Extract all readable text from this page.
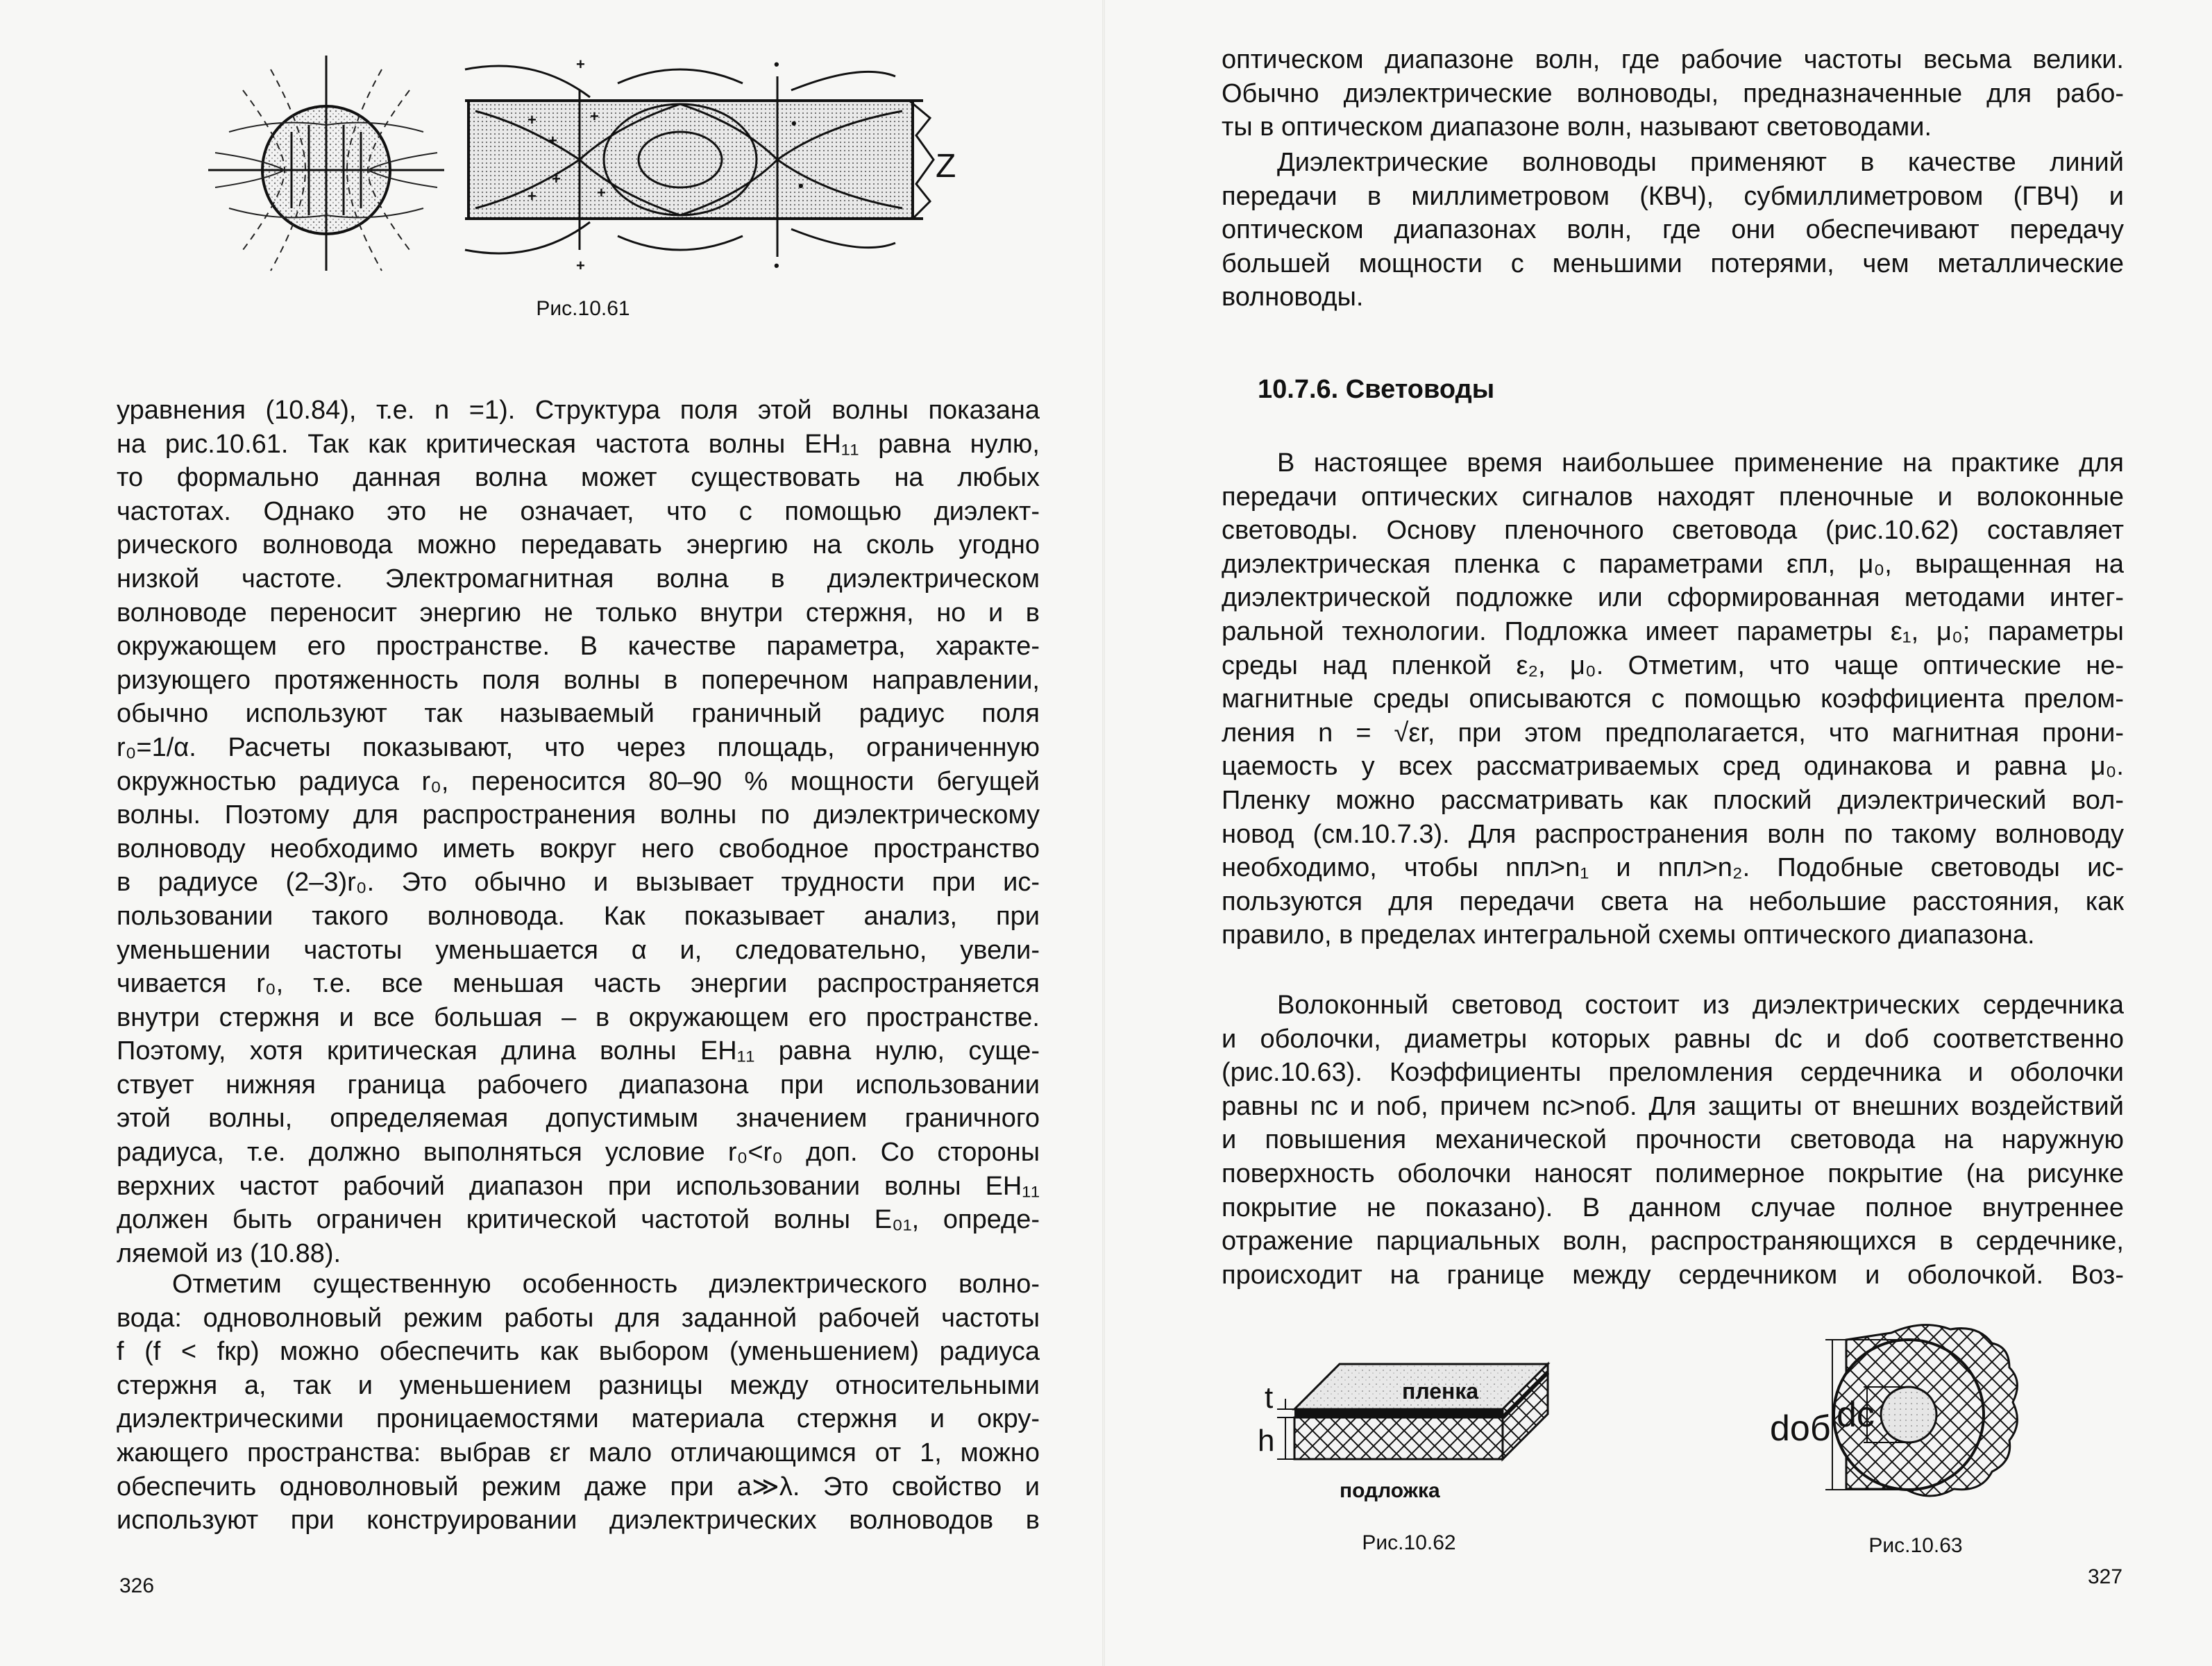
+
+
+
+
+
+
•
•
+
+
•
•
Z
Рис.10.61
уравнения (10.84), т.е. n =1). Структура поля этой волны показана
на рис.10.61. Так как критическая частота волны EH₁₁ равна нулю,
то формально данная волна может существовать на любых
частотах. Однако это не означает, что с помощью диэлект-
рического волновода можно передавать энергию на сколь угодно
низкой частоте. Электромагнитная волна в диэлектрическом
волноводе переносит энергию не только внутри стержня, но и в
окружающем его пространстве. В качестве параметра, характе-
ризующего протяженность поля волны в поперечном направлении,
обычно используют так называемый граничный радиус поля
r₀=1/α. Расчеты показывают, что через площадь, ограниченную
окружностью радиуса r₀, переносится 80–90 % мощности бегущей
волны. Поэтому для распространения волны по диэлектрическому
волноводу необходимо иметь вокруг него свободное пространство
в радиусе (2–3)r₀. Это обычно и вызывает трудности при ис-
пользовании такого волновода. Как показывает анализ, при
уменьшении частоты уменьшается α и, следовательно, увели-
чивается r₀, т.е. все меньшая часть энергии распространяется
внутри стержня и все большая – в окружающем его пространстве.
Поэтому, хотя критическая длина волны EH₁₁ равна нулю, суще-
ствует нижняя граница рабочего диапазона при использовании
этой волны, определяемая допустимым значением граничного
радиуса, т.е. должно выполняться условие r₀<r₀ доп. Со стороны
верхних частот рабочий диапазон при использовании волны EH₁₁
должен быть ограничен критической частотой волны E₀₁, опреде-
ляемой из (10.88).
Отметим существенную особенность диэлектрического волно-
вода: одноволновый режим работы для заданной рабочей частоты
f (f < fкр) можно обеспечить как выбором (уменьшением) радиуса
стержня a, так и уменьшением разницы между относительными
диэлектрическими проницаемостями материала стержня и окру-
жающего пространства: выбрав εr мало отличающимся от 1, можно
обеспечить одноволновый режим даже при a≫λ. Это свойство и
используют при конструировании диэлектрических волноводов в
326
оптическом диапазоне волн, где рабочие частоты весьма велики.
Обычно диэлектрические волноводы, предназначенные для рабо-
ты в оптическом диапазоне волн, называют световодами.
Диэлектрические волноводы применяют в качестве линий
передачи в миллиметровом (КВЧ), субмиллиметровом (ГВЧ) и
оптическом диапазонах волн, где они обеспечивают передачу
большей мощности с меньшими потерями, чем металлические
волноводы.
10.7.6. Световоды
В настоящее время наибольшее применение на практике для
передачи оптических сигналов находят пленочные и волоконные
световоды. Основу пленочного световода (рис.10.62) составляет
диэлектрическая пленка с параметрами εпл, μ₀, выращенная на
диэлектрической подложке или сформированная методами интег-
ральной технологии. Подложка имеет параметры ε₁, μ₀; параметры
среды над пленкой ε₂, μ₀. Отметим, что чаще оптические не-
магнитные среды описываются с помощью коэффициента прелом-
ления n = √εr, при этом предполагается, что магнитная прони-
цаемость у всех рассматриваемых сред одинакова и равна μ₀.
Пленку можно рассматривать как плоский диэлектрический вол-
новод (см.10.7.3). Для распространения волн по такому волноводу
необходимо, чтобы nпл>n₁ и nпл>n₂. Подобные световоды ис-
пользуются для передачи света на небольшие расстояния, как
правило, в пределах интегральной схемы оптического диапазона.
Волоконный световод состоит из диэлектрических сердечника
и оболочки, диаметры которых равны dc и dоб соответственно
(рис.10.63). Коэффициенты преломления сердечника и оболочки
равны nc и nоб, причем nc>nоб. Для защиты от внешних воздействий
и повышения механической прочности световода на наружную
поверхность оболочки наносят полимерное покрытие (на рисунке
покрытие не показано). В данном случае полное внутреннее
отражение парциальных волн, распространяющихся в сердечнике,
происходит на границе между сердечником и оболочкой. Воз-
t
h
пленка
подложка
Рис.10.62
dоб dc
Рис.10.63
327
